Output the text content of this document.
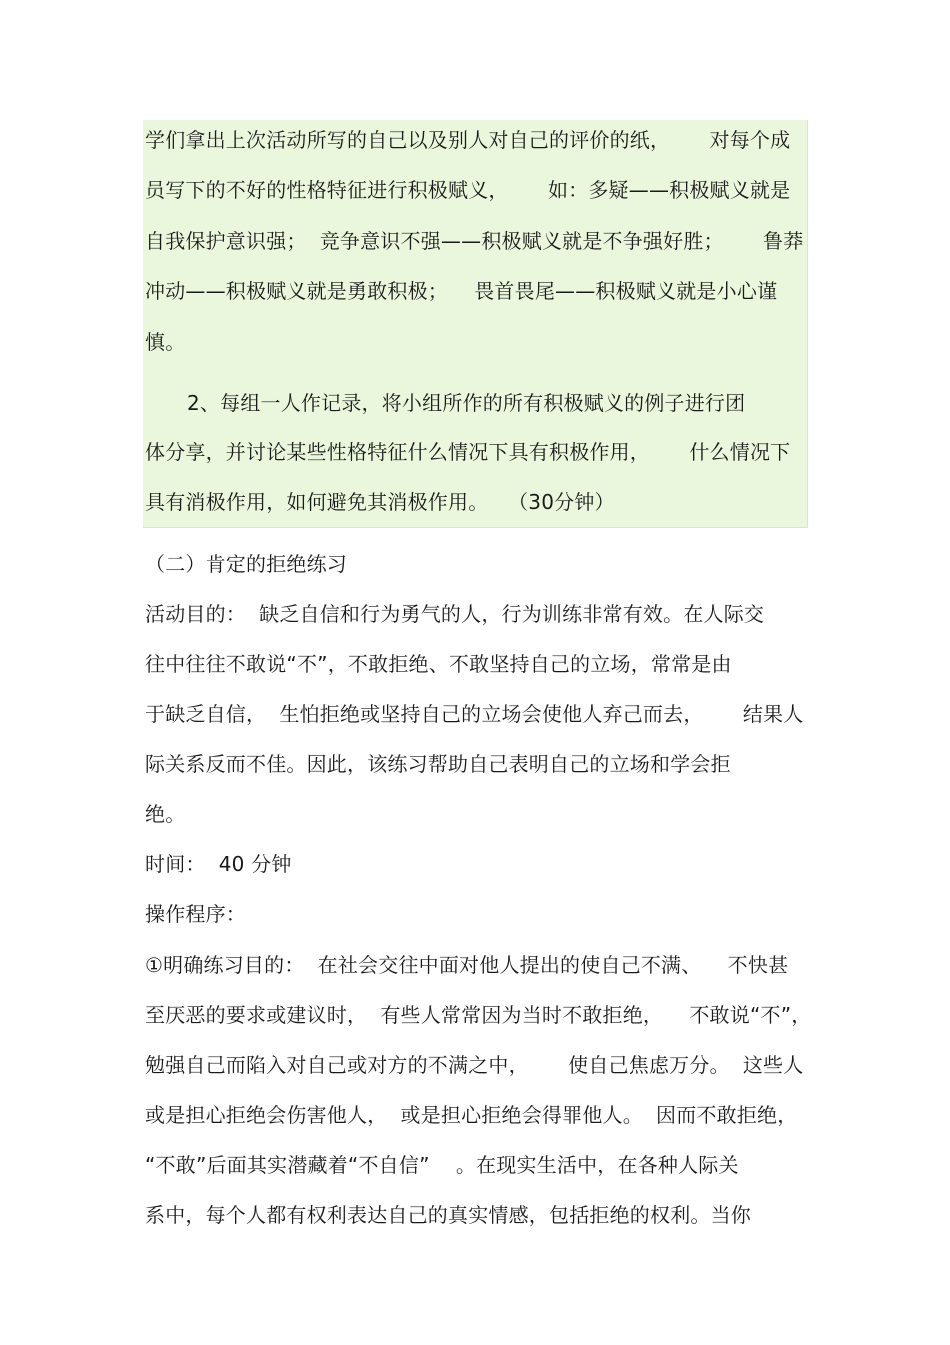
学们拿出上次活动所写的自己以及别人对自己的评价的纸，      对每个成
员写下的不好的性格特征进行积极赋义，      如：多疑——积极赋义就是
自我保护意识强；  竞争意识不强——积极赋义就是不争强好胜；      鲁莽
冲动——积极赋义就是勇敢积极；    畏首畏尾——积极赋义就是小心谨
慎。
2、每组一人作记录，将小组所作的所有积极赋义的例子进行团
体分享，并讨论某些性格特征什么情况下具有积极作用，      什么情况下
具有消极作用，如何避免其消极作用。   （30分钟）
（二）肯定的拒绝练习
活动目的：  缺乏自信和行为勇气的人，行为训练非常有效。在人际交
往中往往不敢说“不”，不敢拒绝、不敢坚持自己的立场，常常是由
于缺乏自信，  生怕拒绝或坚持自己的立场会使他人弃己而去，      结果人
际关系反而不佳。因此，该练习帮助自己表明自己的立场和学会拒
绝。
时间：  40 分钟
操作程序：
①明确练习目的：  在社会交往中面对他人提出的使自己不满、    不快甚
至厌恶的要求或建议时，  有些人常常因为当时不敢拒绝，    不敢说“不”，
勉强自己而陷入对自己或对方的不满之中，      使自己焦虑万分。  这些人
或是担心拒绝会伤害他人，  或是担心拒绝会得罪他人。  因而不敢拒绝，
“不敢”后面其实潜藏着“不自信”    。在现实生活中，在各种人际关
系中，每个人都有权利表达自己的真实情感，包括拒绝的权利。当你
